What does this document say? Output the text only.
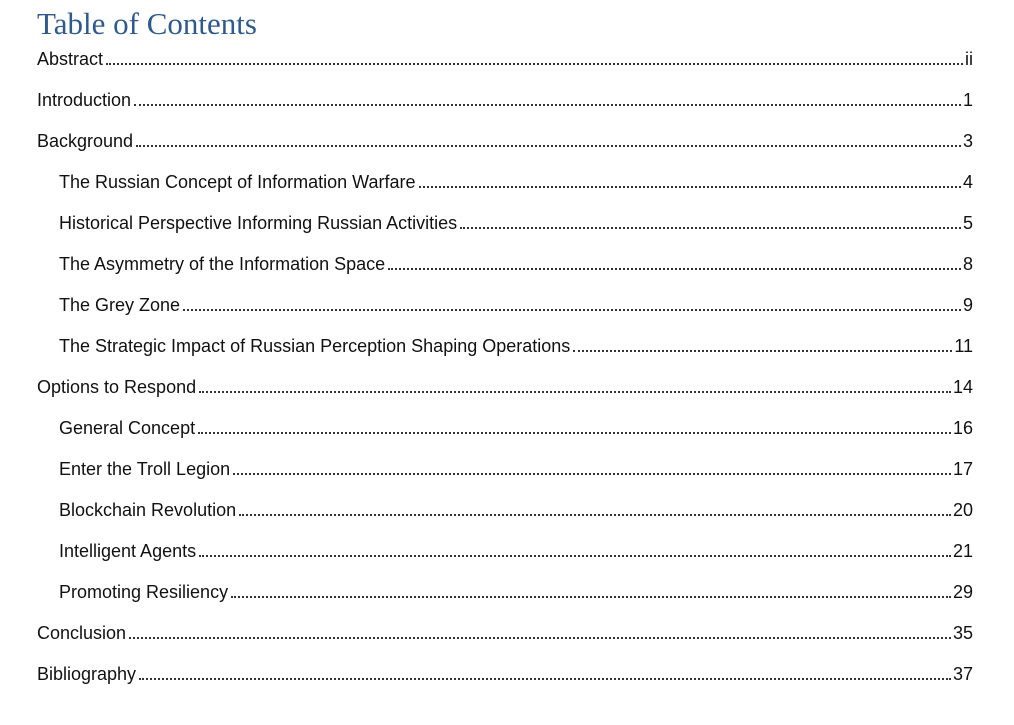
Table of Contents
Abstract	ii
Introduction	1
Background	3
The Russian Concept of Information Warfare	4
Historical Perspective Informing Russian Activities	5
The Asymmetry of the Information Space	8
The Grey Zone	9
The Strategic Impact of Russian Perception Shaping Operations	11
Options to Respond	14
General Concept	16
Enter the Troll Legion	17
Blockchain Revolution	20
Intelligent Agents	21
Promoting Resiliency	29
Conclusion	35
Bibliography	37
